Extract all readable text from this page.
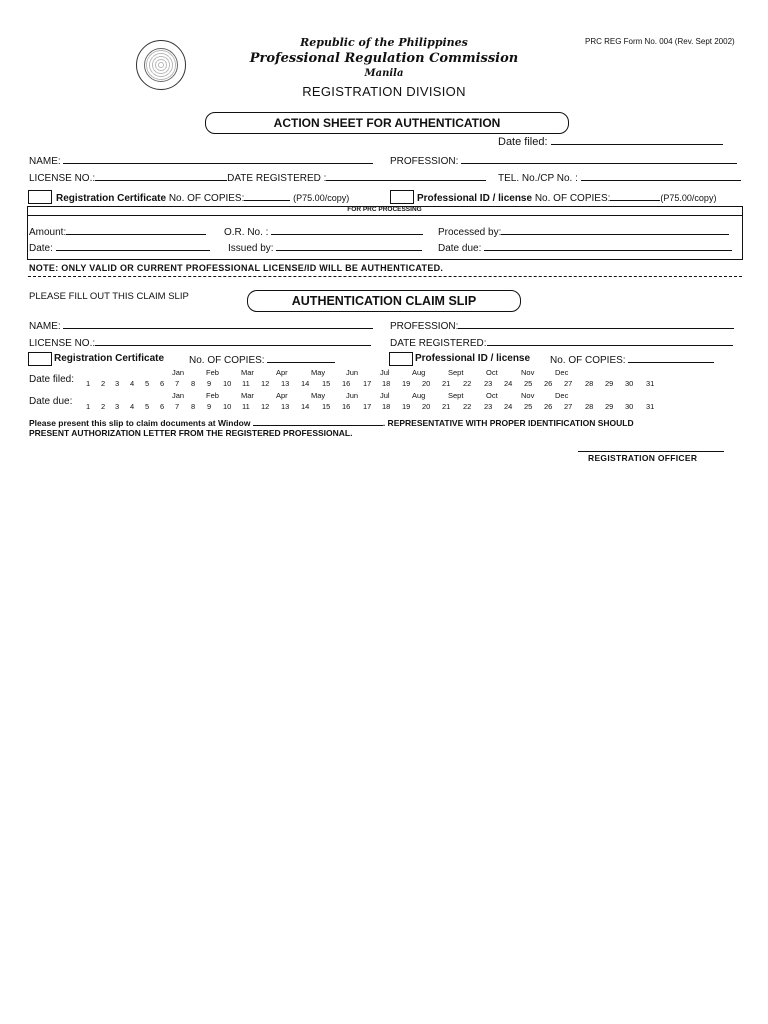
PRC REG Form No. 004 (Rev. Sept 2002)
Republic of the Philippines
Professional Regulation Commission
Manila
REGISTRATION DIVISION
ACTION SHEET FOR AUTHENTICATION
Date filed:
NAME:	PROFESSION:
LICENSE NO.:	DATE REGISTERED :	TEL. No./CP No. :
Registration Certificate No. OF COPIES:	(P75.00/copy)	Professional ID / license No. OF COPIES:	(P75.00/copy)
FOR PRC PROCESSING
Amount:	O.R. No. :	Processed by:
Date:	Issued by:	Date due:
NOTE: ONLY VALID OR CURRENT PROFESSIONAL LICENSE/ID WILL BE AUTHENTICATED.
PLEASE FILL OUT THIS CLAIM SLIP	AUTHENTICATION CLAIM SLIP
NAME:	PROFESSION:
LICENSE NO.:	DATE REGISTERED:
Registration Certificate No. OF COPIES:	Professional ID / license No. OF COPIES:
Date filed:
Jan	Feb	Mar	Apr	May	Jun	Jul	Aug	Sept	Oct	Nov	Dec
1 2 3 4 5 6 7 8 9 10 11 12 13 14 15 16 17 18 19 20 21 22 23 24 25 26 27 28 29 30 31
Date due:
Jan	Feb	Mar	Apr	May	Jun	Jul	Aug	Sept	Oct	Nov	Dec
1 2 3 4 5 6 7 8 9 10 11 12 13 14 15 16 17 18 19 20 21 22 23 24 25 26 27 28 29 30 31
Please present this slip to claim documents at Window	. REPRESENTATIVE WITH PROPER IDENTIFICATION SHOULD
PRESENT AUTHORIZATION LETTER FROM THE REGISTERED PROFESSIONAL.
REGISTRATION OFFICER
